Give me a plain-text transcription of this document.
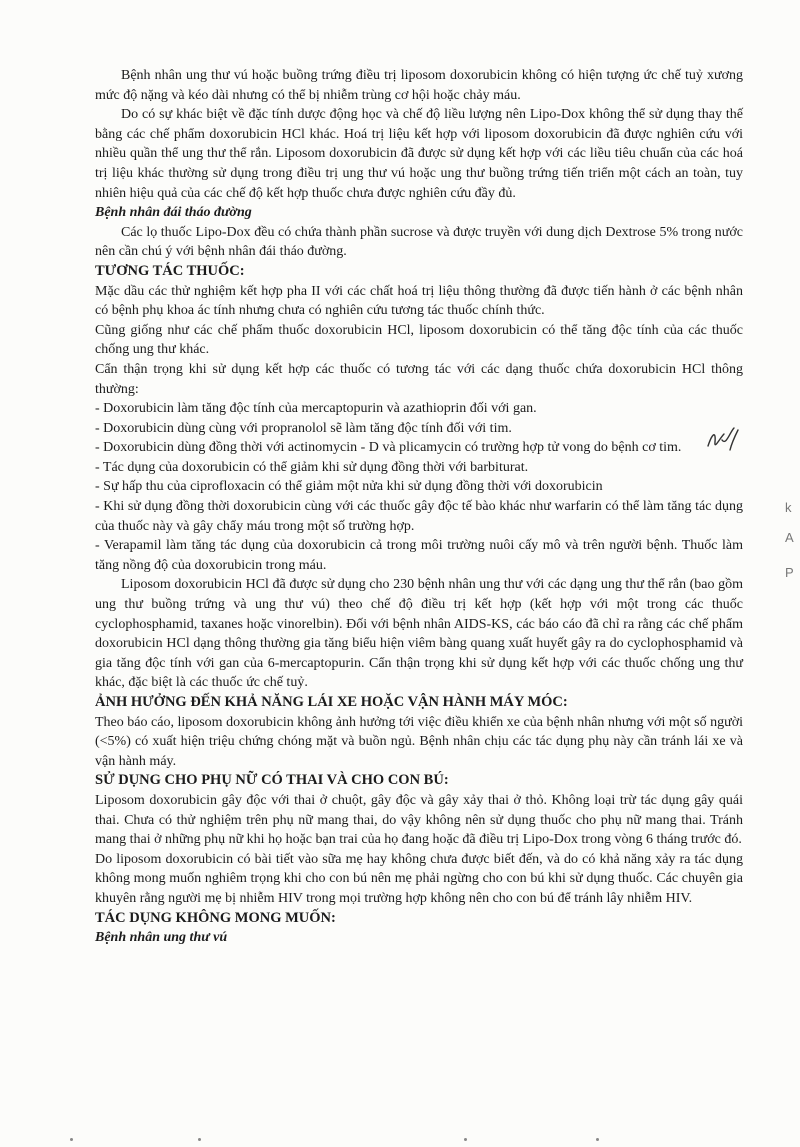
Bệnh nhân ung thư vú hoặc buồng trứng điều trị liposom doxorubicin không có hiện tượng ức chế tuỷ xương mức độ nặng và kéo dài nhưng có thể bị nhiễm trùng cơ hội hoặc chảy máu.

Do có sự khác biệt về đặc tính dược động học và chế độ liều lượng nên Lipo-Dox không thể sử dụng thay thế bằng các chế phẩm doxorubicin HCl khác. Hoá trị liệu kết hợp với liposom doxorubicin đã được nghiên cứu với nhiều quần thể ung thư thể rắn. Liposom doxorubicin đã được sử dụng kết hợp với các liều tiêu chuẩn của các hoá trị liệu khác thường sử dụng trong điều trị ung thư vú hoặc ung thư buồng trứng tiến triển một cách an toàn, tuy nhiên hiệu quả của các chế độ kết hợp thuốc chưa được nghiên cứu đầy đủ.

Bệnh nhân đái tháo đường

Các lọ thuốc Lipo-Dox đều có chứa thành phần sucrose và được truyền với dung dịch Dextrose 5% trong nước nên cần chú ý với bệnh nhân đái tháo đường.

TƯƠNG TÁC THUỐC:

Mặc dầu các thử nghiệm kết hợp pha II với các chất hoá trị liệu thông thường đã được tiến hành ở các bệnh nhân có bệnh phụ khoa ác tính nhưng chưa có nghiên cứu tương tác thuốc chính thức.

Cũng giống như các chế phẩm thuốc doxorubicin HCl, liposom doxorubicin có thể tăng độc tính của các thuốc chống ung thư khác.

Cẩn thận trọng khi sử dụng kết hợp các thuốc có tương tác với các dạng thuốc chứa doxorubicin HCl thông thường:

- Doxorubicin làm tăng độc tính của mercaptopurin và azathioprin đối với gan.

- Doxorubicin dùng cùng với propranolol sẽ làm tăng độc tính đối với tim.

- Doxorubicin dùng đồng thời với actinomycin - D và plicamycin có trường hợp tử vong do bệnh cơ tim.

- Tác dụng của doxorubicin có thể giảm khi sử dụng đồng thời với barbiturat.

- Sự hấp thu của ciprofloxacin có thể giảm một nửa khi sử dụng đồng thời với doxorubicin

- Khi sử dụng đồng thời doxorubicin cùng với các thuốc gây độc tế bào khác như warfarin có thể làm tăng tác dụng của thuốc này và gây chẩy máu trong một số trường hợp.

- Verapamil làm tăng tác dụng của doxorubicin cả trong môi trường nuôi cấy mô và trên người bệnh. Thuốc làm tăng nồng độ của doxorubicin trong máu.

Liposom doxorubicin HCl đã được sử dụng cho 230 bệnh nhân ung thư với các dạng ung thư thể rắn (bao gồm ung thư buồng trứng và ung thư vú) theo chế độ điều trị kết hợp (kết hợp với một trong các thuốc cyclophosphamid, taxanes hoặc vinorelbin). Đối với bệnh nhân AIDS-KS, các báo cáo đã chỉ ra rằng các chế phẩm doxorubicin HCl dạng thông thường gia tăng biểu hiện viêm bàng quang xuất huyết gây ra do cyclophosphamid và gia tăng độc tính với gan của 6-mercaptopurin. Cẩn thận trọng khi sử dụng kết hợp với các thuốc chống ung thư khác, đặc biệt là các thuốc ức chế tuỷ.

ẢNH HƯỞNG ĐẾN KHẢ NĂNG LÁI XE HOẶC VẬN HÀNH MÁY MÓC:

Theo báo cáo, liposom doxorubicin không ảnh hưởng tới việc điều khiển xe của bệnh nhân nhưng với một số người (<5%) có xuất hiện triệu chứng chóng mặt và buồn ngủ. Bệnh nhân chịu các tác dụng phụ này cần tránh lái xe và vận hành máy.

SỬ DỤNG CHO PHỤ NỮ CÓ THAI VÀ CHO CON BÚ:

Liposom doxorubicin gây độc với thai ở chuột, gây độc và gây xảy thai ở thỏ. Không loại trừ tác dụng gây quái thai. Chưa có thử nghiệm trên phụ nữ mang thai, do vậy không nên sử dụng thuốc cho phụ nữ mang thai. Tránh mang thai ở những phụ nữ khi họ hoặc bạn trai của họ đang hoặc đã điều trị Lipo-Dox trong vòng 6 tháng trước đó.

Do liposom doxorubicin có bài tiết vào sữa mẹ hay không chưa được biết đến, và do có khả năng xảy ra tác dụng không mong muốn nghiêm trọng khi cho con bú nên mẹ phải ngừng cho con bú khi sử dụng thuốc. Các chuyên gia khuyên rằng người mẹ bị nhiễm HIV trong mọi trường hợp không nên cho con bú để tránh lây nhiễm HIV.

TÁC DỤNG KHÔNG MONG MUỐN:
Bệnh nhân ung thư vú
k
A
P
